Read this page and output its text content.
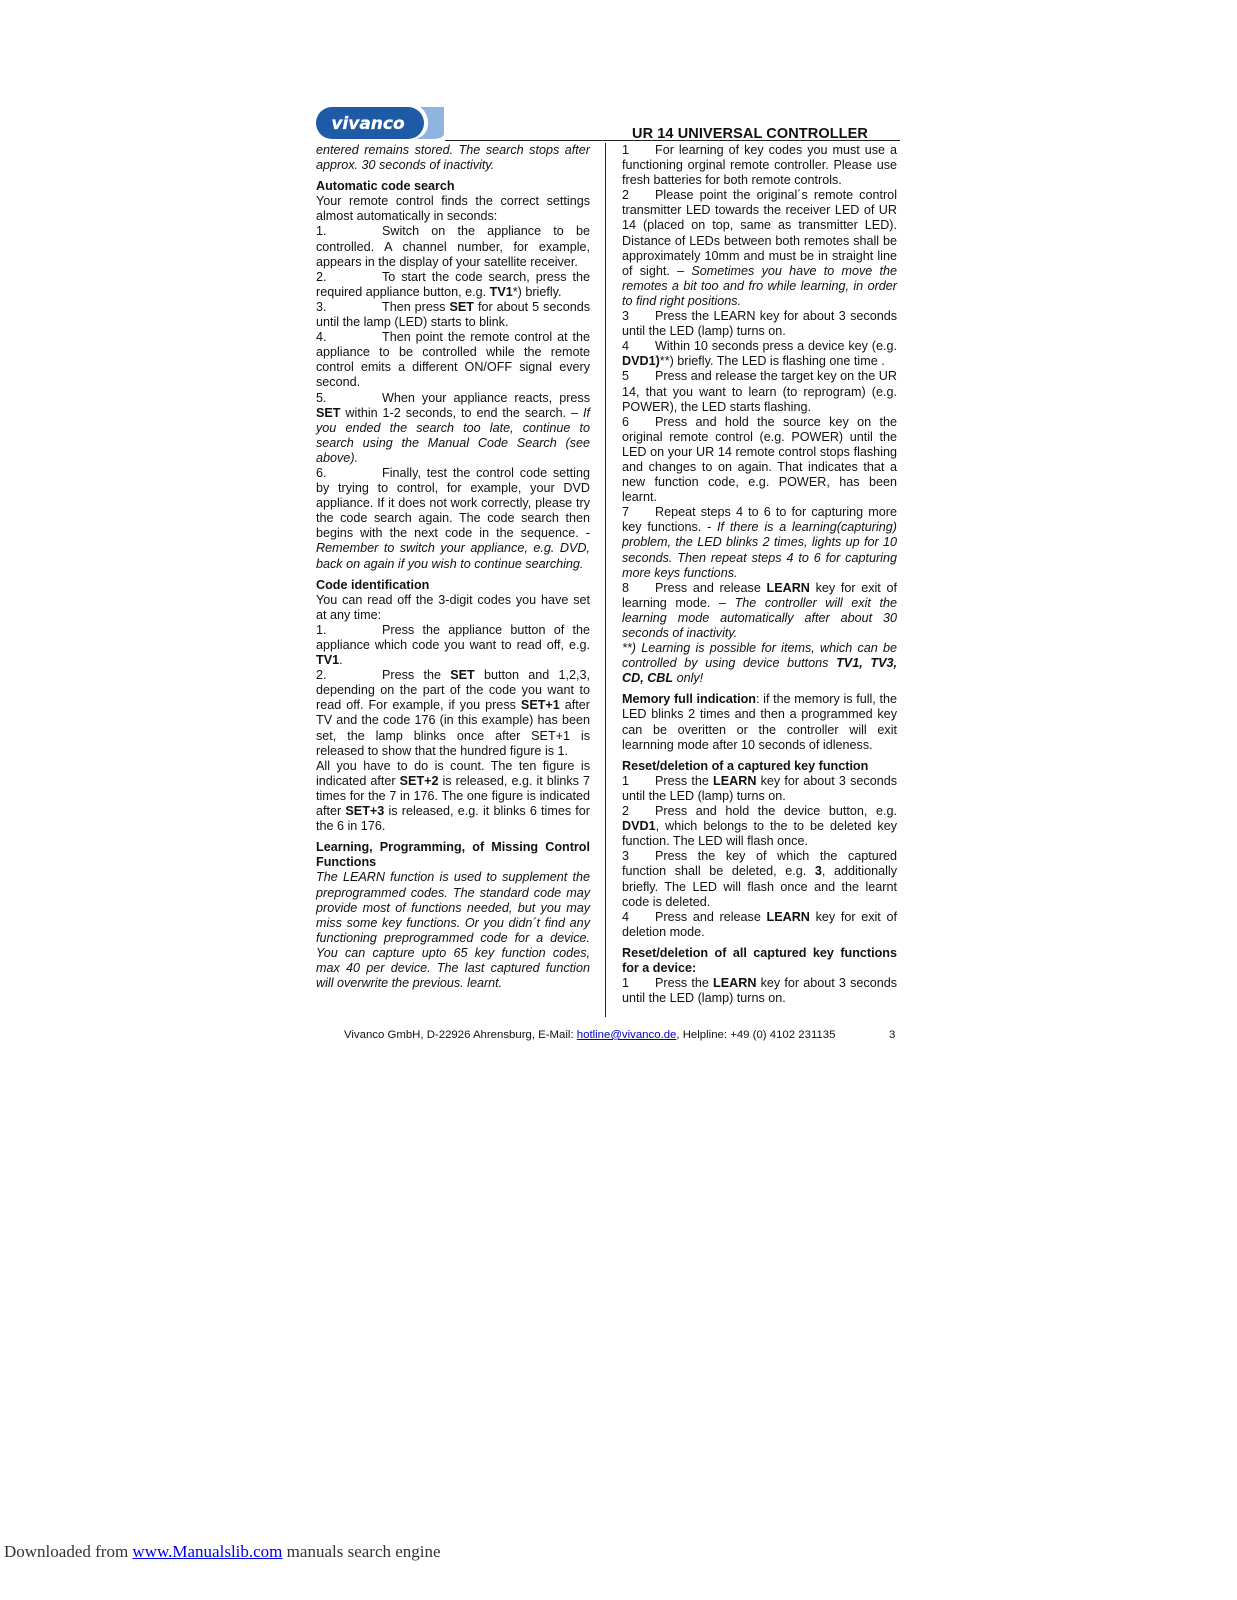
vivanco	UR 14 UNIVERSAL CONTROLLER

entered remains stored. The search stops after approx. 30 seconds of inactivity.

Automatic code search

Your remote control finds the correct settings almost automatically in seconds:

1.	Switch on the appliance to be controlled. A channel number, for example, appears in the display of your satellite receiver.

2.	To start the code search, press the required appliance button, e.g. TV1*) briefly.

3.	Then press SET for about 5 seconds until the lamp (LED) starts to blink.

4.	Then point the remote control at the appliance to be controlled while the remote control emits a different ON/OFF signal every second.

5.	When your appliance reacts, press SET within 1-2 seconds, to end the search. – If you ended the search too late, continue to search using the Manual Code Search (see above).

6.	Finally, test the control code setting by trying to control, for example, your DVD appliance. If it does not work correctly, please try the code search again. The code search then begins with the next code in the sequence. - Remember to switch your appliance, e.g. DVD, back on again if you wish to continue searching.

Code identification

You can read off the 3-digit codes you have set at any time:

1.	Press the appliance button of the appliance which code you want to read off, e.g. TV1.

2.	Press the SET button and 1,2,3, depending on the part of the code you want to read off. For example, if you press SET+1 after TV and the code 176 (in this example) has been set, the lamp blinks once after SET+1 is released to show that the hundred figure is 1.

All you have to do is count. The ten figure is indicated after SET+2 is released, e.g. it blinks 7 times for the 7 in 176. The one figure is indicated after SET+3 is released, e.g. it blinks 6 times for the 6 in 176.

Learning, Programming, of Missing Control Functions

The LEARN function is used to supplement the preprogrammed codes. The standard code may provide most of functions needed, but you may miss some key functions. Or you didn´t find any functioning preprogrammed code for a device. You can capture upto 65 key function codes, max 40 per device. The last captured function will overwrite the previous. learnt.

1 For learning of key codes you must use a functioning orginal remote controller. Please use fresh batteries for both remote controls.

2 Please point the original´s remote control transmitter LED towards the receiver LED of UR 14 (placed on top, same as transmitter LED). Distance of LEDs between both remotes shall be approximately 10mm and must be in straight line of sight. – Sometimes you have to move the remotes a bit too and fro while learning, in order to find right positions.

3 Press the LEARN key for about 3 seconds until the LED (lamp) turns on.

4 Within 10 seconds press a device key (e.g. DVD1)**) briefly. The LED is flashing one time .

5 Press and release the target key on the UR 14, that you want to learn (to reprogram) (e.g. POWER), the LED starts flashing.

6 Press and hold the source key on the original remote control (e.g. POWER) until the LED on your UR 14 remote control stops flashing and changes to on again. That indicates that a new function code, e.g. POWER, has been learnt.

7 Repeat steps 4 to 6 to for capturing more key functions. - If there is a learning(capturing) problem, the LED blinks 2 times, lights up for 10 seconds. Then repeat steps 4 to 6 for capturing more keys functions.

8 Press and release LEARN key for exit of learning mode. – The controller will exit the learning mode automatically after about 30 seconds of inactivity.

**) Learning is possible for items, which can be controlled by using device buttons TV1, TV3, CD, CBL only!

Memory full indication: if the memory is full, the LED blinks 2 times and then a programmed key can be overitten or the controller will exit learnning mode after 10 seconds of idleness.

Reset/deletion of a captured key function

1 Press the LEARN key for about 3 seconds until the LED (lamp) turns on.

2 Press and hold the device button, e.g. DVD1, which belongs to the to be deleted key function. The LED will flash once.

3 Press the key of which the captured function shall be deleted, e.g. 3, additionally briefly. The LED will flash once and the learnt code is deleted.

4 Press and release LEARN key for exit of deletion mode.

Reset/deletion of all captured key functions for a device:

1 Press the LEARN key for about 3 seconds until the LED (lamp) turns on.

Vivanco GmbH, D-22926 Ahrensburg, E-Mail: hotline@vivanco.de, Helpline: +49 (0) 4102 231135	3
Downloaded from www.Manualslib.com manuals search engine
